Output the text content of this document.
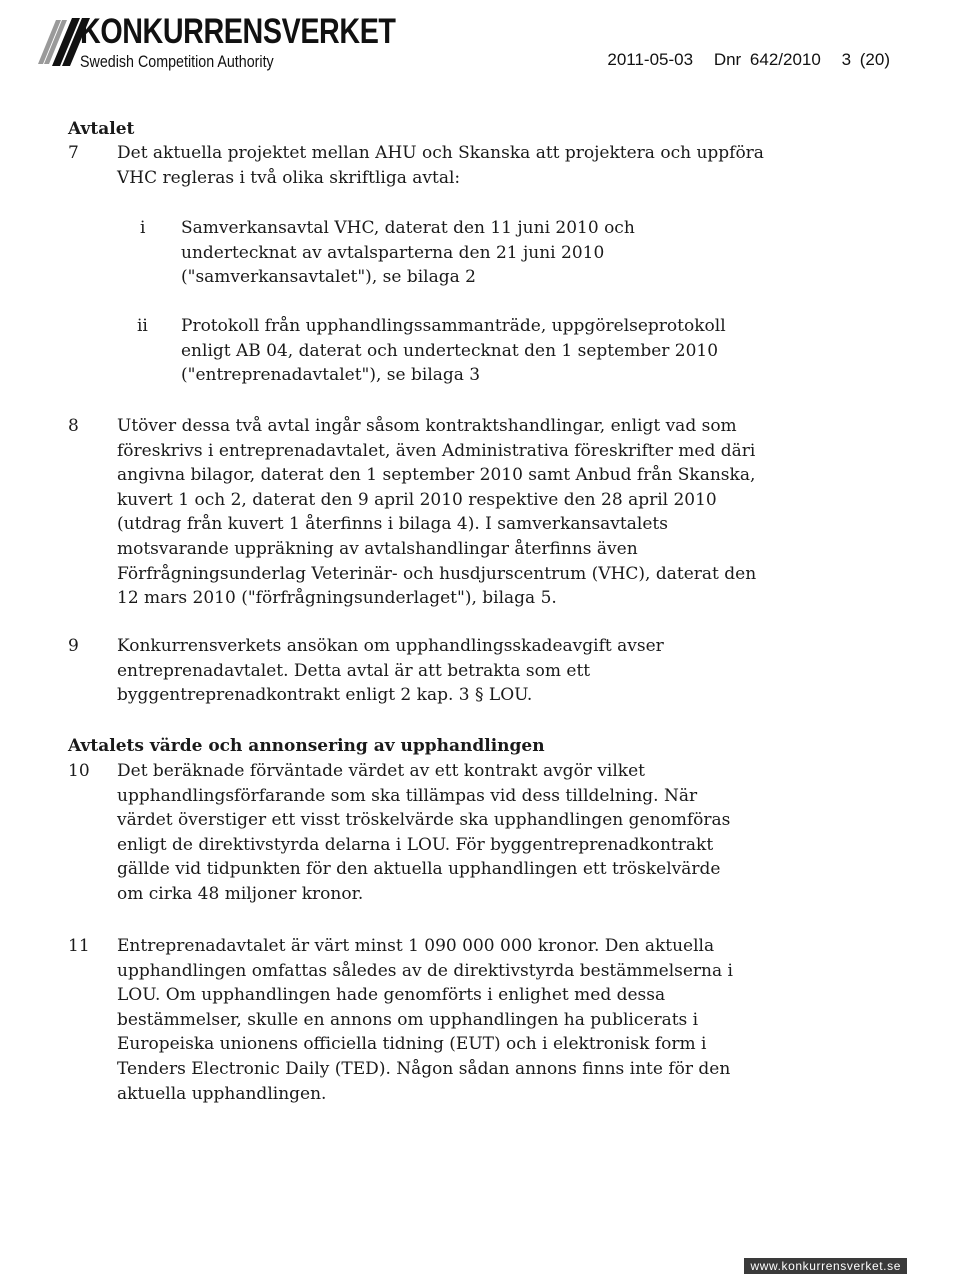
KONKURRENSVERKET
Swedish Competition Authority	2011-05-03 Dnr 642/2010 3 (20)
Avtalet
7 Det aktuella projektet mellan AHU och Skanska att projektera och uppföra VHC regleras i två olika skriftliga avtal:
i Samverkansavtal VHC, daterat den 11 juni 2010 och undertecknat av avtalsparterna den 21 juni 2010 ("samverkansavtalet"), se bilaga 2
ii Protokoll från upphandlingssammanträde, uppgörelseprotokoll enligt AB 04, daterat och undertecknat den 1 september 2010 ("entreprenadavtalet"), se bilaga 3
8 Utöver dessa två avtal ingår såsom kontraktshandlingar, enligt vad som föreskrivs i entreprenadavtalet, även Administrativa föreskrifter med däri angivna bilagor, daterat den 1 september 2010 samt Anbud från Skanska, kuvert 1 och 2, daterat den 9 april 2010 respektive den 28 april 2010 (utdrag från kuvert 1 återfinns i bilaga 4). I samverkansavtalets motsvarande uppräkning av avtalshandlingar återfinns även Förfrågningsunderlag Veterinär- och husdjurscentrum (VHC), daterat den 12 mars 2010 ("förfrågningsunderlaget"), bilaga 5.
9 Konkurrensverkets ansökan om upphandlingsskadeavgift avser entreprenadavtalet. Detta avtal är att betrakta som ett byggentreprenadkontrakt enligt 2 kap. 3 § LOU.
Avtalets värde och annonsering av upphandlingen
10 Det beräknade förväntade värdet av ett kontrakt avgör vilket upphandlingsförfarande som ska tillämpas vid dess tilldelning. När värdet överstiger ett visst tröskelvärde ska upphandlingen genomföras enligt de direktivstyrda delarna i LOU. För byggentreprenadkontrakt gällde vid tidpunkten för den aktuella upphandlingen ett tröskelvärde om cirka 48 miljoner kronor.
11 Entreprenadavtalet är värt minst 1 090 000 000 kronor. Den aktuella upphandlingen omfattas således av de direktivstyrda bestämmelserna i LOU. Om upphandlingen hade genomförts i enlighet med dessa bestämmelser, skulle en annons om upphandlingen ha publicerats i Europeiska unionens officiella tidning (EUT) och i elektronisk form i Tenders Electronic Daily (TED). Någon sådan annons finns inte för den aktuella upphandlingen.
www.konkurrensverket.se
